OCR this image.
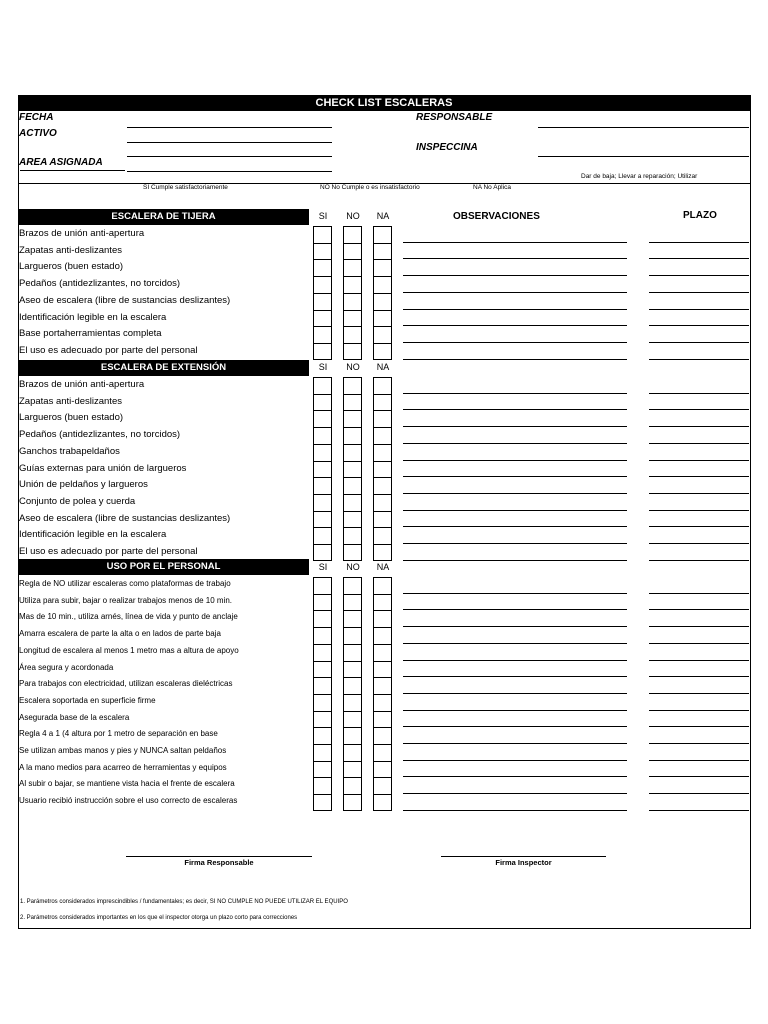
CHECK LIST ESCALERAS
FECHA
ACTIVO
AREA ASIGNADA
RESPONSABLE
INSPECCINA
Dar de baja; Llevar a reparación; Utilizar
SI Cumple satisfactoriamente	NO No Cumple o es insatisfactorio	NA No Aplica
ESCALERA DE TIJERA	SI	NO	NA	OBSERVACIONES	PLAZO
Brazos de unión anti-apertura
Zapatas anti-deslizantes
Largueros (buen estado)
Pedaños (antidezlizantes, no torcidos)
Aseo de escalera (libre de sustancias deslizantes)
Identificación legible en la escalera
Base portaherramientas completa
El uso es adecuado por parte del personal
ESCALERA DE EXTENSIÓN	SI	NO	NA
Brazos de unión anti-apertura
Zapatas anti-deslizantes
Largueros (buen estado)
Pedaños (antidezlizantes, no torcidos)
Ganchos trabapeldaños
Guías externas para unión de largueros
Unión de peldaños y largueros
Conjunto de polea y cuerda
Aseo de escalera (libre de sustancias deslizantes)
Identificación legible en la escalera
El uso es adecuado por parte del personal
USO POR EL PERSONAL	SI	NO	NA
Regla de NO utilizar escaleras como plataformas de trabajo
Utiliza para subir, bajar o realizar trabajos menos de 10 min.
Mas de 10 min., utiliza arnés, línea de vida y punto de anclaje
Amarra escalera de parte la alta o en lados de parte baja
Longitud de escalera al menos 1 metro mas a altura de apoyo
Área segura y acordonada
Para trabajos con electricidad, utilizan escaleras dieléctricas
Escalera soportada en superficie firme
Asegurada base de la escalera
Regla 4 a 1 (4 altura por 1 metro de separación en base
Se utilizan ambas manos y pies y NUNCA saltan peldaños
A la mano medios para acarreo de herramientas y equipos
Al subir o bajar, se mantiene vista hacia el frente de escalera
Usuario recibió instrucción sobre el uso correcto de escaleras
Firma Responsable	Firma Inspector
1. Parámetros considerados imprescindibles / fundamentales; es decir, SI NO CUMPLE NO PUEDE UTILIZAR EL EQUIPO
2. Parámetros considerados importantes en los que el inspector otorga un plazo corto para correcciones
